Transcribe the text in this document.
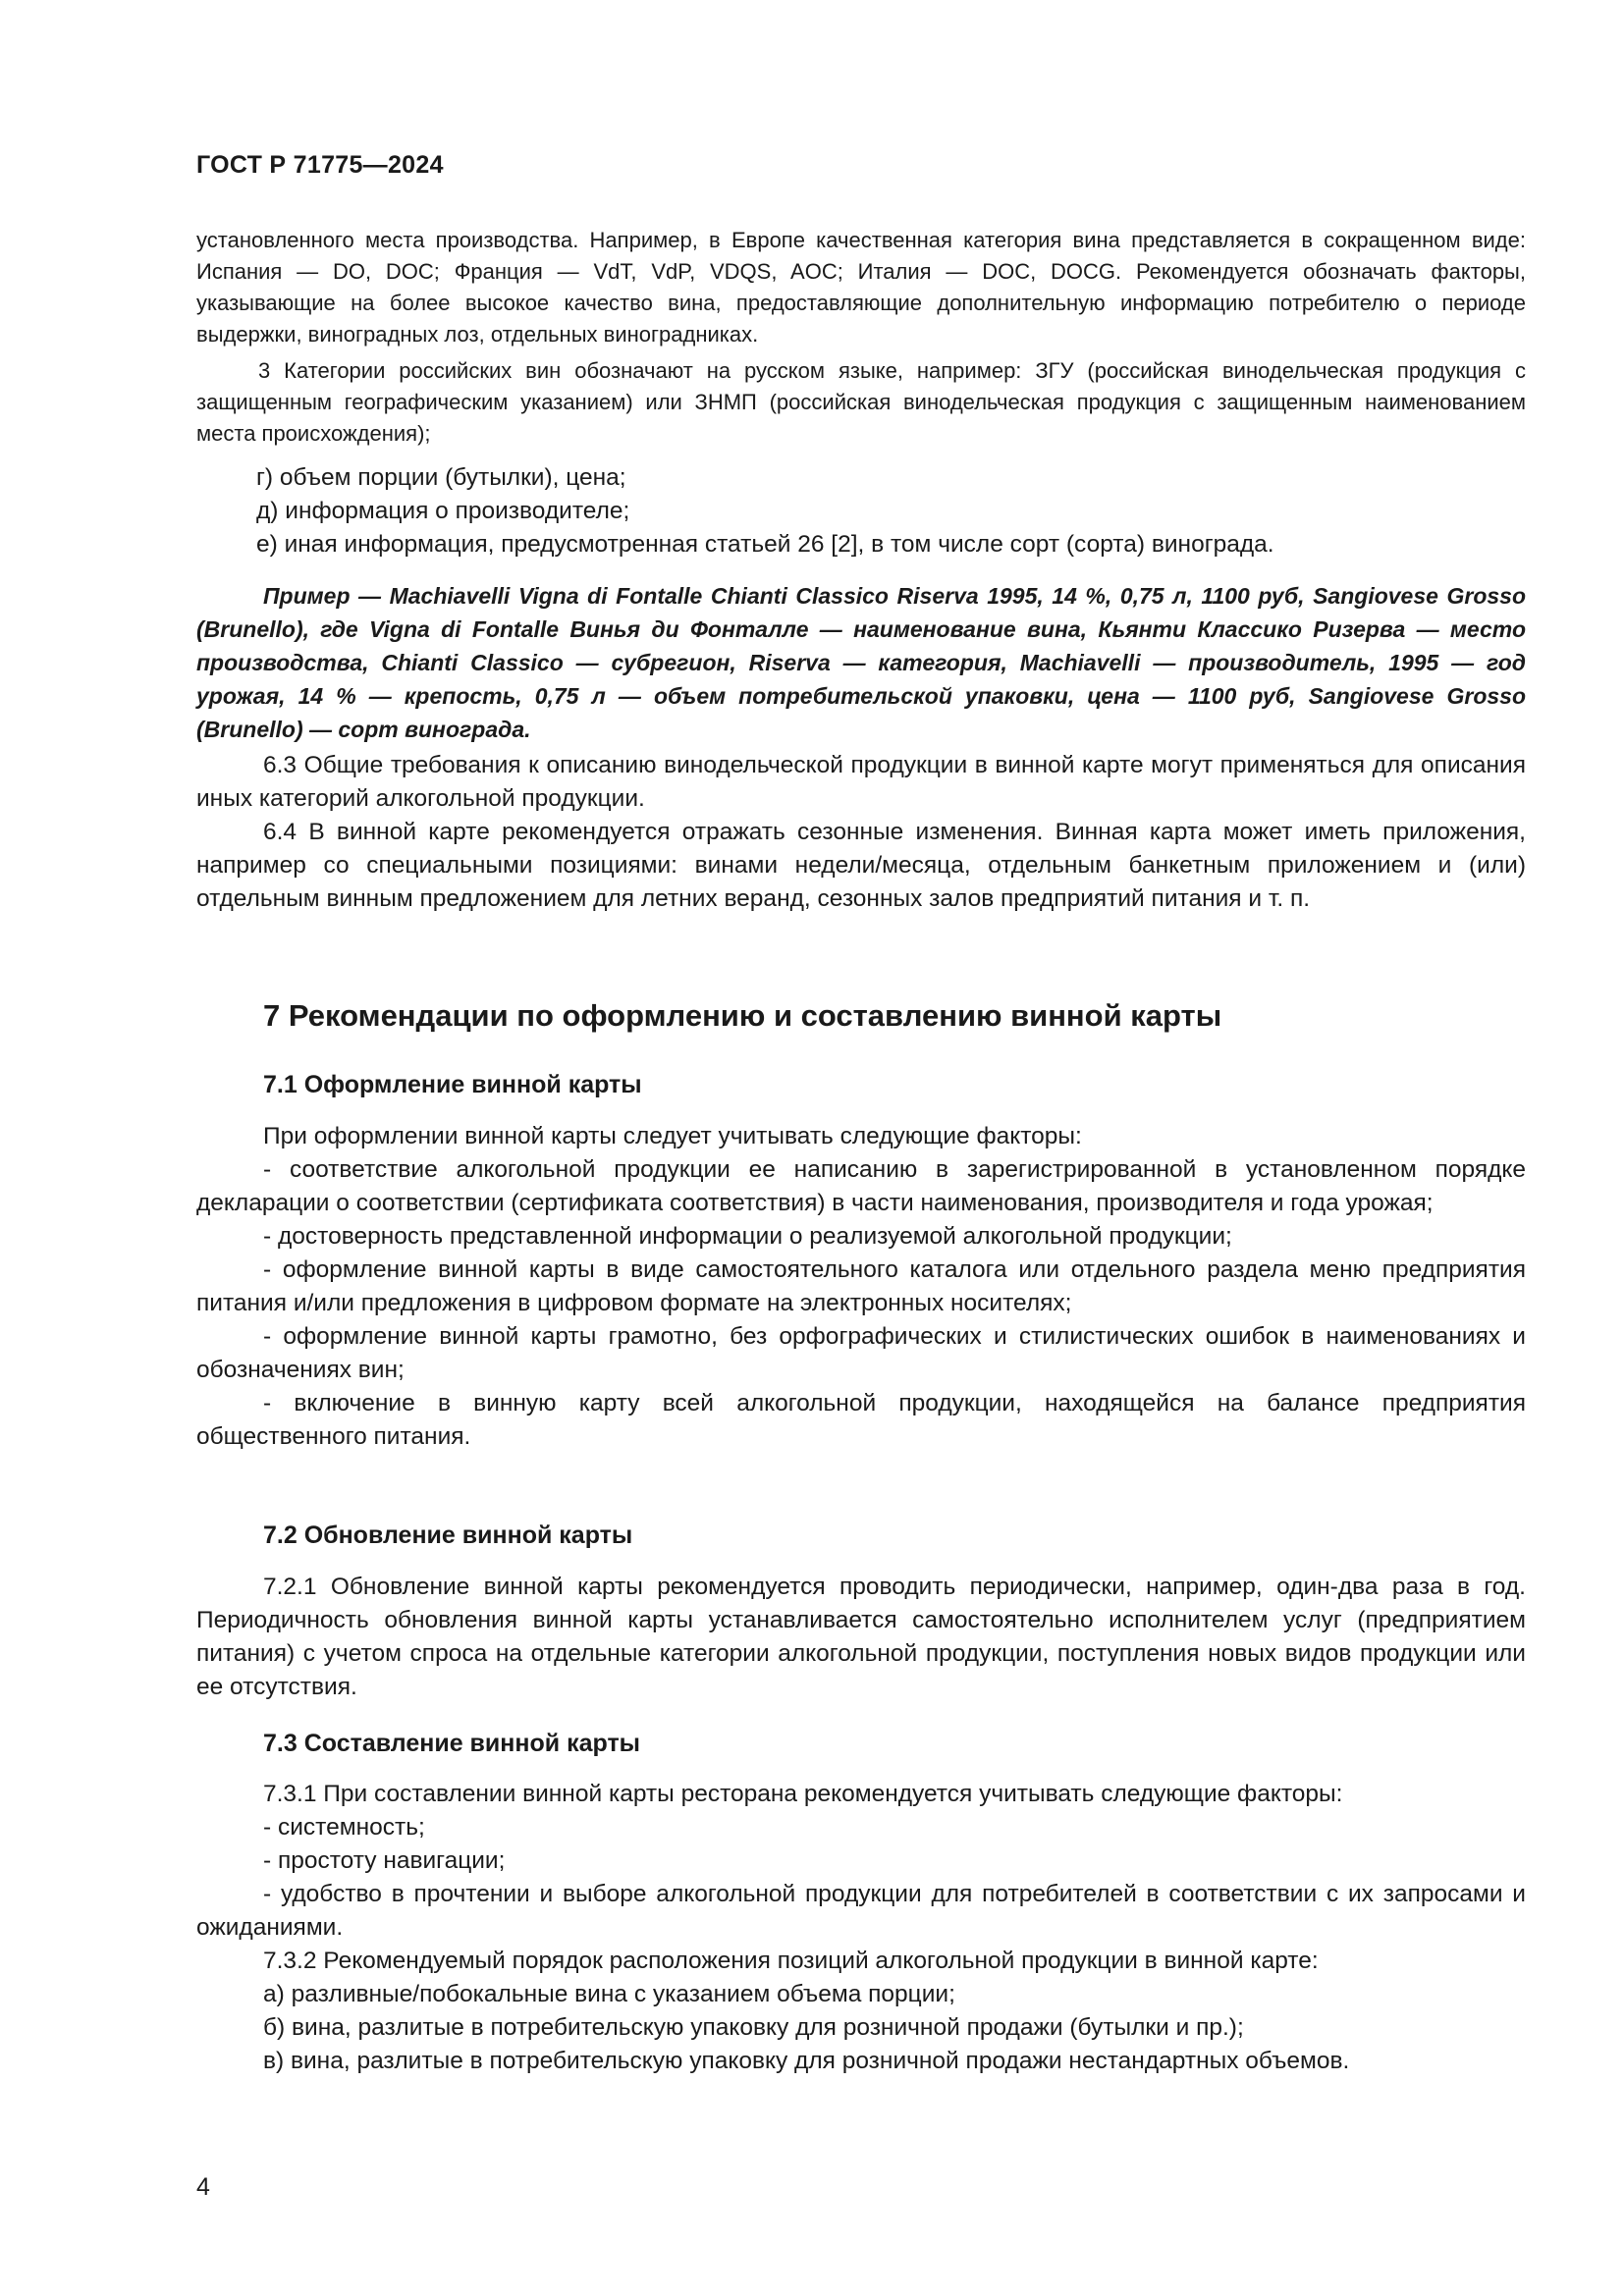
ГОСТ Р 71775—2024

установленного места производства. Например, в Европе качественная категория вина представляется в сокращенном виде: Испания — DO, DOC; Франция — VdT, VdP, VDQS, AOC; Италия — DOC, DOCG. Рекомендуется обозначать факторы, указывающие на более высокое качество вина, предоставляющие дополнительную информацию потребителю о периоде выдержки, виноградных лоз, отдельных виноградниках.

3 Категории российских вин обозначают на русском языке, например: ЗГУ (российская винодельческая продукция с защищенным географическим указанием) или ЗНМП (российская винодельческая продукция с защищенным наименованием места происхождения);

г) объем порции (бутылки), цена;

д) информация о производителе;

е) иная информация, предусмотренная статьей 26 [2], в том числе сорт (сорта) винограда.

Пример — Machiavelli Vigna di Fontalle Chianti Classico Riserva 1995, 14 %, 0,75 л, 1100 руб, Sangiovese Grosso (Brunello), где Vigna di Fontalle Винья ди Фонталле — наименование вина, Кьянти Классико Ризерва — место производства, Chianti Classico — субрегион, Riserva — категория, Machiavelli — производитель, 1995 — год урожая, 14 % — крепость, 0,75 л — объем потребительской упаковки, цена — 1100 руб, Sangiovese Grosso (Brunello) — сорт винограда.

6.3 Общие требования к описанию винодельческой продукции в винной карте могут применяться для описания иных категорий алкогольной продукции.

6.4 В винной карте рекомендуется отражать сезонные изменения. Винная карта может иметь приложения, например со специальными позициями: винами недели/месяца, отдельным банкетным приложением и (или) отдельным винным предложением для летних веранд, сезонных залов предприятий питания и т. п.

7 Рекомендации по оформлению и составлению винной карты
7.1 Оформление винной карты

При оформлении винной карты следует учитывать следующие факторы:

- соответствие алкогольной продукции ее написанию в зарегистрированной в установленном порядке декларации о соответствии (сертификата соответствия) в части наименования, производителя и года урожая;

- достоверность представленной информации о реализуемой алкогольной продукции;

- оформление винной карты в виде самостоятельного каталога или отдельного раздела меню предприятия питания и/или предложения в цифровом формате на электронных носителях;

- оформление винной карты грамотно, без орфографических и стилистических ошибок в наименованиях и обозначениях вин;

- включение в винную карту всей алкогольной продукции, находящейся на балансе предприятия общественного питания.

7.2 Обновление винной карты

7.2.1 Обновление винной карты рекомендуется проводить периодически, например, один-два раза в год. Периодичность обновления винной карты устанавливается самостоятельно исполнителем услуг (предприятием питания) с учетом спроса на отдельные категории алкогольной продукции, поступления новых видов продукции или ее отсутствия.

7.3 Составление винной карты

7.3.1 При составлении винной карты ресторана рекомендуется учитывать следующие факторы:

- системность;

- простоту навигации;

- удобство в прочтении и выборе алкогольной продукции для потребителей в соответствии с их запросами и ожиданиями.

7.3.2 Рекомендуемый порядок расположения позиций алкогольной продукции в винной карте:

а) разливные/побокальные вина с указанием объема порции;

б) вина, разлитые в потребительскую упаковку для розничной продажи (бутылки и пр.);

в) вина, разлитые в потребительскую упаковку для розничной продажи нестандартных объемов.

4
